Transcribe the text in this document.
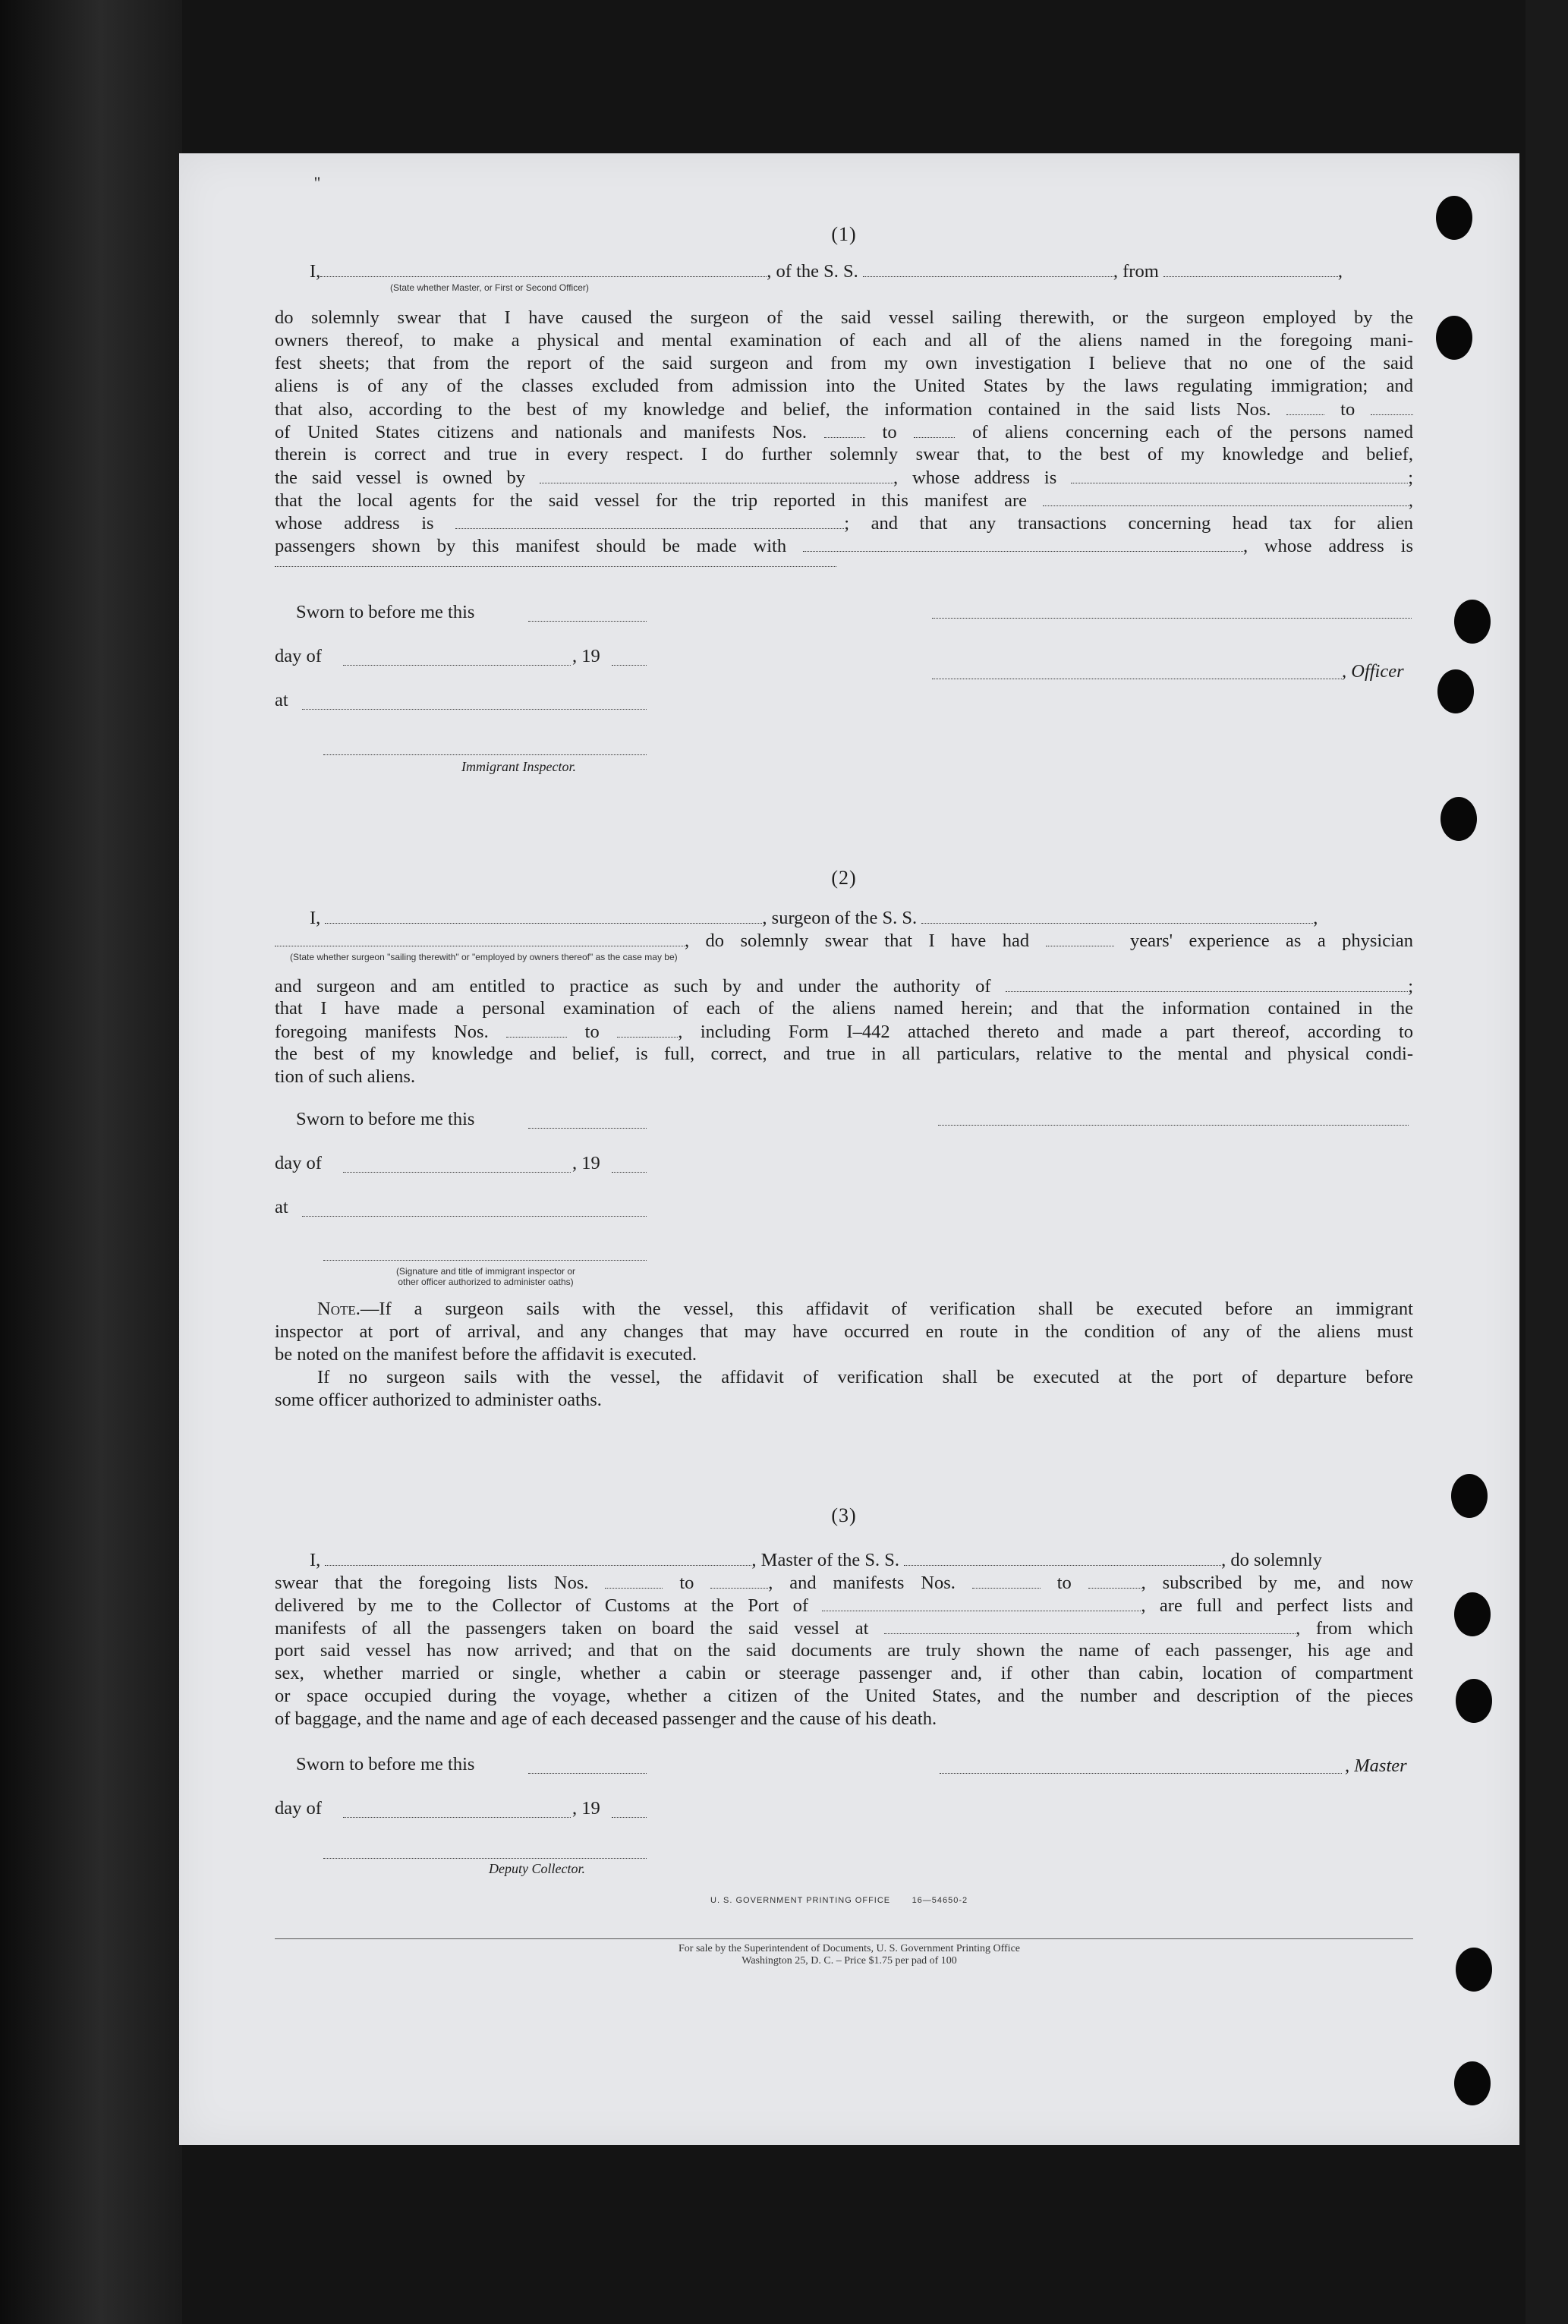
''
(1)
I,	, of the S. S.	, from	,
(State whether Master, or First or Second Officer)
do solemnly swear that I have caused the surgeon of the said vessel sailing therewith, or the surgeon employed by the
owners thereof, to make a physical and mental examination of each and all of the aliens named in the foregoing mani-
fest sheets; that from the report of the said surgeon and from my own investigation I believe that no one of the said
aliens is of any of the classes excluded from admission into the United States by the laws regulating immigration; and
that also, according to the best of my knowledge and belief, the information contained in the said lists Nos.	to
of United States citizens and nationals and manifests Nos.	to	of aliens concerning each of the persons named
therein is correct and true in every respect. I do further solemnly swear that, to the best of my knowledge and belief,
the said vessel is owned by	, whose address is	;
that the local agents for the said vessel for the trip reported in this manifest are	,
whose address is	; and that any transactions concerning head tax for alien
passengers shown by this manifest should be made with	, whose address is
Sworn to before me this
day of	, 19
, Officer
at
Immigrant Inspector.
(2)
I,	, surgeon of the S. S.	,
, do solemnly swear that I have had	years' experience as a physician
(State whether surgeon "sailing therewith" or "employed by owners thereof" as the case may be)
and surgeon and am entitled to practice as such by and under the authority of	;
that I have made a personal examination of each of the aliens named herein; and that the information contained in the
foregoing manifests Nos.	to	, including Form I–442 attached thereto and made a part thereof, according to
the best of my knowledge and belief, is full, correct, and true in all particulars, relative to the mental and physical condi-
tion of such aliens.
Sworn to before me this
day of	, 19
at
(Signature and title of immigrant inspector or
other officer authorized to administer oaths)
Note.—If a surgeon sails with the vessel, this affidavit of verification shall be executed before an immigrant
inspector at port of arrival, and any changes that may have occurred en route in the condition of any of the aliens must
be noted on the manifest before the affidavit is executed.
If no surgeon sails with the vessel, the affidavit of verification shall be executed at the port of departure before
some officer authorized to administer oaths.
(3)
I,	, Master of the S. S.	, do solemnly
swear that the foregoing lists Nos.	to	, and manifests Nos.	to	, subscribed by me, and now
delivered by me to the Collector of Customs at the Port of	, are full and perfect lists and
manifests of all the passengers taken on board the said vessel at	, from which
port said vessel has now arrived; and that on the said documents are truly shown the name of each passenger, his age and
sex, whether married or single, whether a cabin or steerage passenger and, if other than cabin, location of compartment
or space occupied during the voyage, whether a citizen of the United States, and the number and description of the pieces
of baggage, and the name and age of each deceased passenger and the cause of his death.
Sworn to before me this	, Master
day of	, 19
Deputy Collector.
U. S. GOVERNMENT PRINTING OFFICE	16—54650-2
For sale by the Superintendent of Documents, U. S. Government Printing Office
Washington 25, D. C. – Price $1.75 per pad of 100
